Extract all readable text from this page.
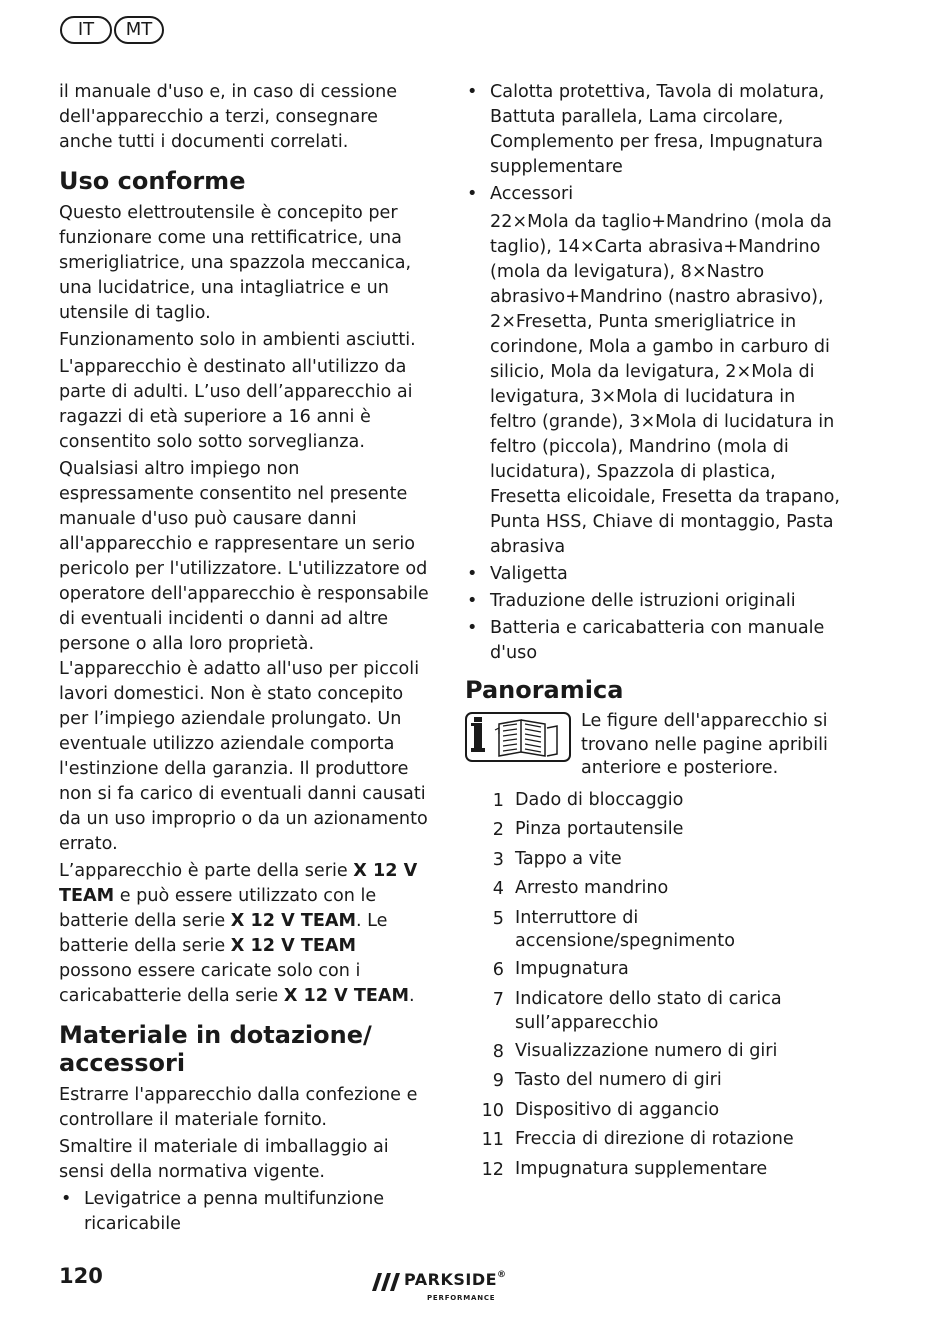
IT	MT
il manuale d'uso e, in caso di cessione dell'apparecchio a terzi, consegnare anche tutti i documenti correlati.
Uso conforme
Questo elettroutensile è concepito per funzionare come una rettificatrice, una smerigliatrice, una spazzola meccanica, una lucidatrice, una intagliatrice e un utensile di taglio.
Funzionamento solo in ambienti asciutti.
L'apparecchio è destinato all'utilizzo da parte di adulti. L’uso dell’apparecchio ai ragazzi di età superiore a 16 anni è consentito solo sotto sorveglianza.
Qualsiasi altro impiego non espressamente consentito nel presente manuale d'uso può causare danni all'apparecchio e rappresentare un serio pericolo per l'utilizzatore. L'utilizzatore od operatore dell'apparecchio è responsabile di eventuali incidenti o danni ad altre persone o alla loro proprietà. L'apparecchio è adatto all'uso per piccoli lavori domestici. Non è stato concepito per l’impiego aziendale prolungato. Un eventuale utilizzo aziendale comporta l'estinzione della garanzia. Il produttore non si fa carico di eventuali danni causati da un uso improprio o da un azionamento errato.
L’apparecchio è parte della serie X 12 V TEAM e può essere utilizzato con le batterie della serie X 12 V TEAM. Le batterie della serie X 12 V TEAM possono essere caricate solo con i caricabatterie della serie X 12 V TEAM.
Materiale in dotazione/ accessori
Estrarre l'apparecchio dalla confezione e controllare il materiale fornito.
Smaltire il materiale di imballaggio ai sensi della normativa vigente.
• Levigatrice a penna multifunzione ricaricabile
• Calotta protettiva, Tavola di molatura, Battuta parallela, Lama circolare, Complemento per fresa, Impugnatura supplementare
• Accessori
22×Mola da taglio+Mandrino (mola da taglio), 14×Carta abrasiva+Mandrino (mola da levigatura), 8×Nastro abrasivo+Mandrino (nastro abrasivo), 2×Fresetta, Punta smerigliatrice in corindone, Mola a gambo in carburo di silicio, Mola da levigatura, 2×Mola di levigatura, 3×Mola di lucidatura in feltro (grande), 3×Mola di lucidatura in feltro (piccola), Mandrino (mola di lucidatura), Spazzola di plastica, Fresetta elicoidale, Fresetta da trapano, Punta HSS, Chiave di montaggio, Pasta abrasiva
• Valigetta
• Traduzione delle istruzioni originali
• Batteria e caricabatteria con manuale d'uso
Panoramica
Le figure dell'apparecchio si trovano nelle pagine apribili anteriore e posteriore.
1 Dado di bloccaggio
2 Pinza portautensile
3 Tappo a vite
4 Arresto mandrino
5 Interruttore di accensione/spegnimento
6 Impugnatura
7 Indicatore dello stato di carica sull’apparecchio
8 Visualizzazione numero di giri
9 Tasto del numero di giri
10 Dispositivo di aggancio
11 Freccia di direzione di rotazione
12 Impugnatura supplementare
120	PARKSIDE®
PERFORMANCE
